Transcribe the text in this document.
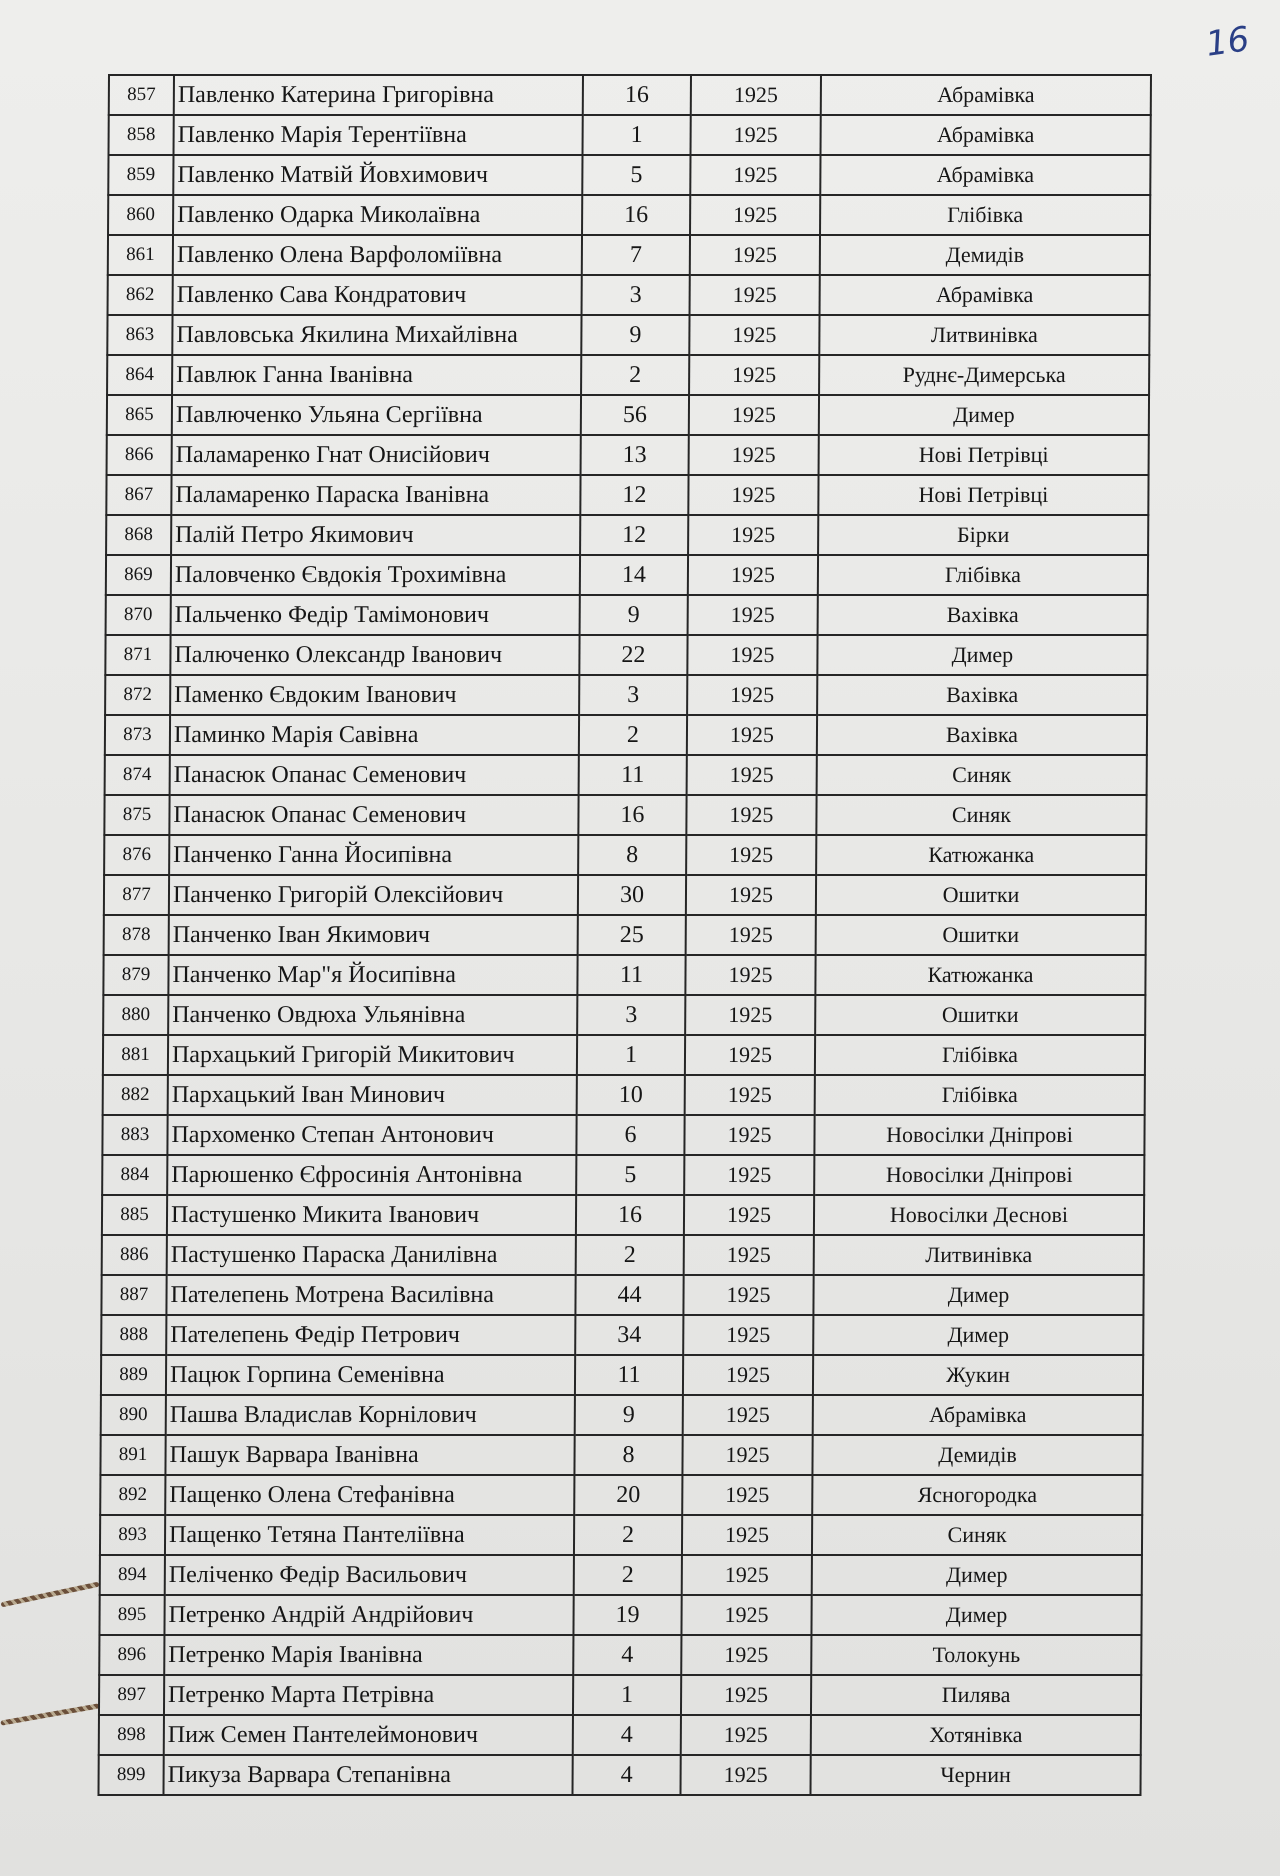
16
857	Павленко Катерина Григорівна	16	1925	Абрамівка
858	Павленко Марія Терентіївна	1	1925	Абрамівка
859	Павленко Матвій Йовхимович	5	1925	Абрамівка
860	Павленко Одарка Миколаївна	16	1925	Глібівка
861	Павленко Олена Варфоломіївна	7	1925	Демидів
862	Павленко Сава Кондратович	3	1925	Абрамівка
863	Павловська Якилина Михайлівна	9	1925	Литвинівка
864	Павлюк Ганна Іванівна	2	1925	Руднє-Димерська
865	Павлюченко Ульяна Сергіївна	56	1925	Димер
866	Паламаренко Гнат Онисійович	13	1925	Нові Петрівці
867	Паламаренко Параска Іванівна	12	1925	Нові Петрівці
868	Палій Петро Якимович	12	1925	Бірки
869	Паловченко Євдокія Трохимівна	14	1925	Глібівка
870	Пальченко Федір Тамімонович	9	1925	Вахівка
871	Палюченко Олександр Іванович	22	1925	Димер
872	Паменко Євдоким Іванович	3	1925	Вахівка
873	Паминко Марія Савівна	2	1925	Вахівка
874	Панасюк Опанас Семенович	11	1925	Синяк
875	Панасюк Опанас Семенович	16	1925	Синяк
876	Панченко Ганна Йосипівна	8	1925	Катюжанка
877	Панченко Григорій Олексійович	30	1925	Ошитки
878	Панченко Іван Якимович	25	1925	Ошитки
879	Панченко Мар"я Йосипівна	11	1925	Катюжанка
880	Панченко Овдюха Ульянівна	3	1925	Ошитки
881	Пархацький Григорій Микитович	1	1925	Глібівка
882	Пархацький Іван Минович	10	1925	Глібівка
883	Пархоменко Степан Антонович	6	1925	Новосілки Дніпрові
884	Парюшенко Єфросинія Антонівна	5	1925	Новосілки Дніпрові
885	Пастушенко Микита Іванович	16	1925	Новосілки Деснові
886	Пастушенко Параска Данилівна	2	1925	Литвинівка
887	Пателепень Мотрена Василівна	44	1925	Димер
888	Пателепень Федір Петрович	34	1925	Димер
889	Пацюк Горпина Семенівна	11	1925	Жукин
890	Пашва Владислав Корнілович	9	1925	Абрамівка
891	Пашук Варвара Іванівна	8	1925	Демидів
892	Пащенко Олена Стефанівна	20	1925	Ясногородка
893	Пащенко Тетяна Пантеліївна	2	1925	Синяк
894	Пеліченко Федір Васильович	2	1925	Димер
895	Петренко Андрій Андрійович	19	1925	Димер
896	Петренко Марія Іванівна	4	1925	Толокунь
897	Петренко Марта Петрівна	1	1925	Пилява
898	Пиж Семен Пантелеймонович	4	1925	Хотянівка
899	Пикуза Варвара Степанівна	4	1925	Чернин
